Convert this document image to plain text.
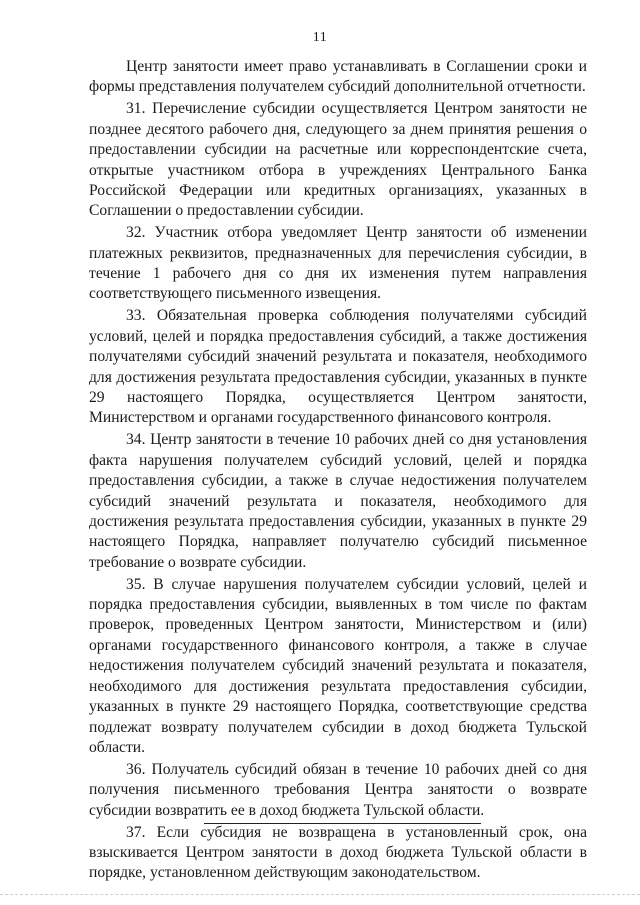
11

Центр занятости имеет право устанавливать в Соглашении сроки и формы представления получателем субсидий дополнительной отчетности.

31. Перечисление субсидии осуществляется Центром занятости не позднее десятого рабочего дня, следующего за днем принятия решения о предоставлении субсидии на расчетные или корреспондентские счета, открытые участником отбора в учреждениях Центрального Банка Российской Федерации или кредитных организациях, указанных в Соглашении о предоставлении субсидии.

32. Участник отбора уведомляет Центр занятости об изменении платежных реквизитов, предназначенных для перечисления субсидии, в течение 1 рабочего дня со дня их изменения путем направления соответствующего письменного извещения.

33. Обязательная проверка соблюдения получателями субсидий условий, целей и порядка предоставления субсидий, а также достижения получателями субсидий значений результата и показателя, необходимого для достижения результата предоставления субсидии, указанных в пункте 29 настоящего Порядка, осуществляется Центром занятости, Министерством и органами государственного финансового контроля.

34. Центр занятости в течение 10 рабочих дней со дня установления факта нарушения получателем субсидий условий, целей и порядка предоставления субсидии, а также в случае недостижения получателем субсидий значений результата и показателя, необходимого для достижения результата предоставления субсидии, указанных в пункте 29 настоящего Порядка, направляет получателю субсидий письменное требование о возврате субсидии.

35. В случае нарушения получателем субсидии условий, целей и порядка предоставления субсидии, выявленных в том числе по фактам проверок, проведенных Центром занятости, Министерством и (или) органами государственного финансового контроля, а также в случае недостижения получателем субсидий значений результата и показателя, необходимого для достижения результата предоставления субсидии, указанных в пункте 29 настоящего Порядка, соответствующие средства подлежат возврату получателем субсидии в доход бюджета Тульской области.

36. Получатель субсидий обязан в течение 10 рабочих дней со дня получения письменного требования Центра занятости о возврате субсидии возвратить ее в доход бюджета Тульской области.

37. Если субсидия не возвращена в установленный срок, она взыскивается Центром занятости в доход бюджета Тульской области в порядке, установленном действующим законодательством.
